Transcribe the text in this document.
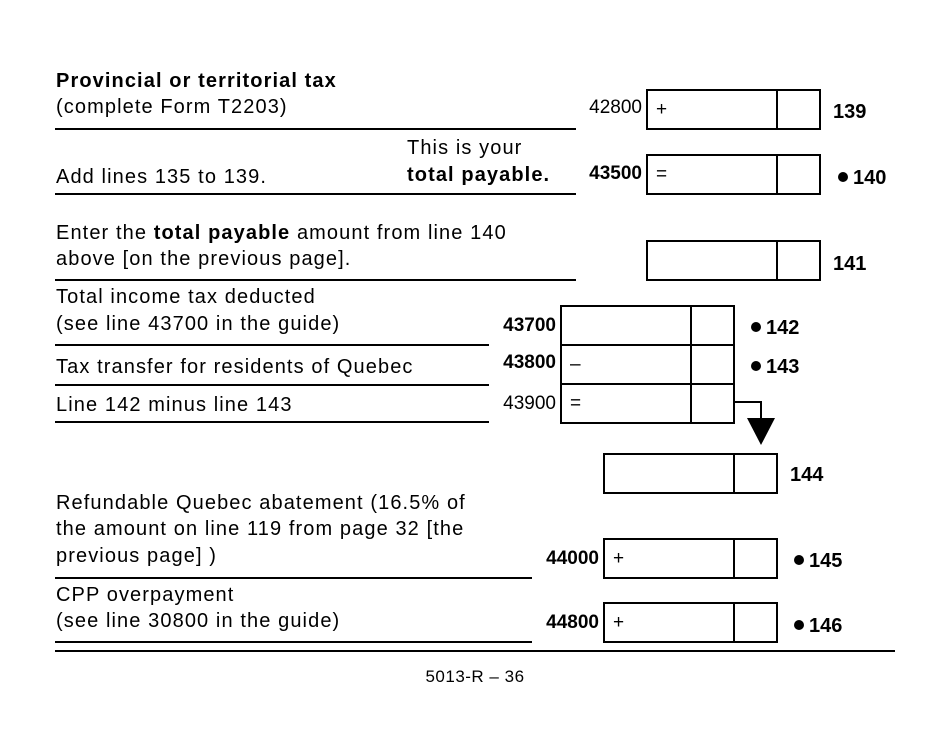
Provincial or territorial tax
(complete Form T2203)	42800 +	139
This is your
Add lines 135 to 139.	total payable.	43500 =	140
Enter the total payable amount from line 140
above [on the previous page].	141
Total income tax deducted
(see line 43700 in the guide)	43700	142
Tax transfer for residents of Quebec	43800 –	143
Line 142 minus line 143	43900 =
144
Refundable Quebec abatement (16.5% of
the amount on line 119 from page 32 [the
previous page] )	44000 +	145
CPP overpayment
(see line 30800 in the guide)	44800 +	146
5013-R – 36
